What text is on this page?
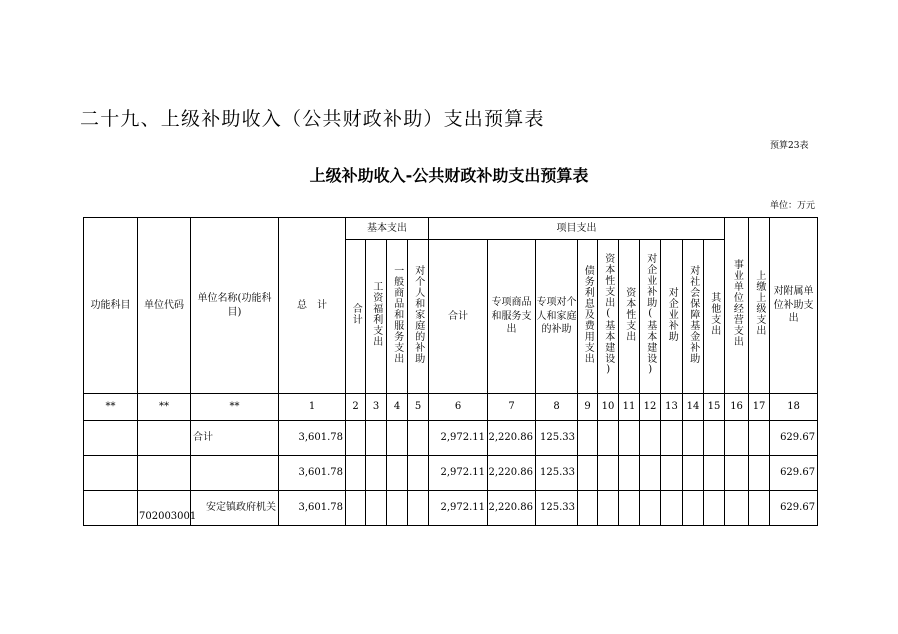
二十九、上级补助收入（公共财政补助）支出预算表
预算23表
上级补助收入-公共财政补助支出预算表
单位：万元
功能科目	单位代码	单位名称(功能科目)	总　计	基本支出				项目支出										事业单位经营支出	上缴上级支出	对附属单位补助支出
				合计	工资福利支出	一般商品和服务支出	对个人和家庭的补助	合计	专项商品和服务支出	专项对个人和家庭的补助	债务利息及费用支出	资本性支出(基本建设)	资本性支出	对企业补助(基本建设)	对企业补助	对社会保障基金补助	其他支出			
**	**	**	1	2	3	4	5	6	7	8	9	10	11	12	13	14	15	16	17	18
		合计	3,601.78					2,972.11	2,220.86	125.33										629.67
			3,601.78					2,972.11	2,220.86	125.33										629.67
	702003001	安定镇政府机关	3,601.78					2,972.11	2,220.86	125.33										629.67
